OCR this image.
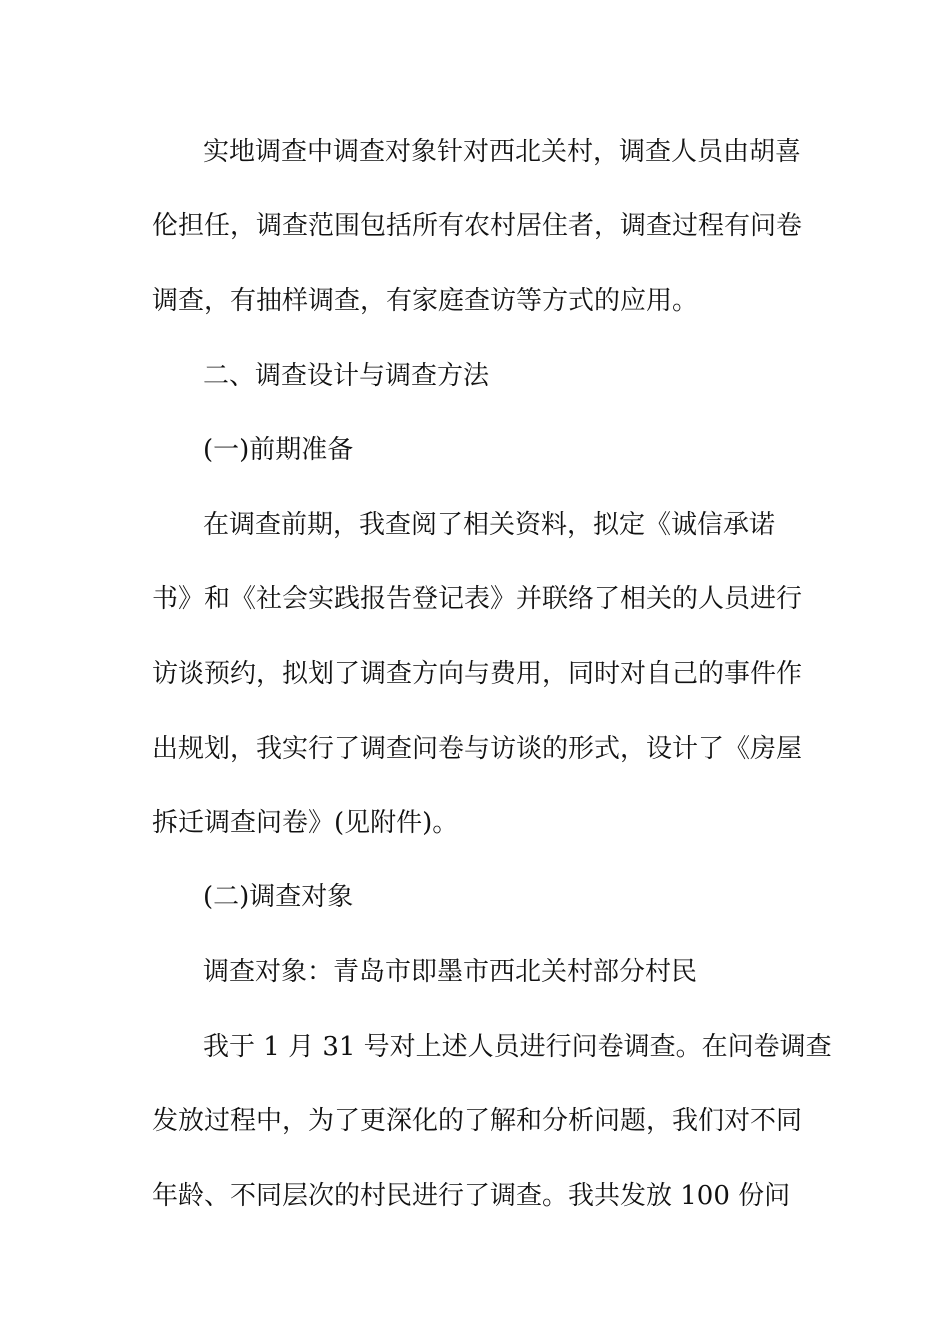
实地调查中调查对象针对西北关村，调查人员由胡喜
伦担任，调查范围包括所有农村居住者，调查过程有问卷
调查，有抽样调查，有家庭查访等方式的应用。
二、调查设计与调查方法
(一)前期准备
在调查前期，我查阅了相关资料，拟定《诚信承诺
书》和《社会实践报告登记表》并联络了相关的人员进行
访谈预约，拟划了调查方向与费用，同时对自己的事件作
出规划，我实行了调查问卷与访谈的形式，设计了《房屋
拆迁调查问卷》(见附件)。
(二)调查对象
调查对象：青岛市即墨市西北关村部分村民
我于 1 月 31 号对上述人员进行问卷调查。在问卷调查
发放过程中，为了更深化的了解和分析问题，我们对不同
年龄、不同层次的村民进行了调查。我共发放 100 份问
